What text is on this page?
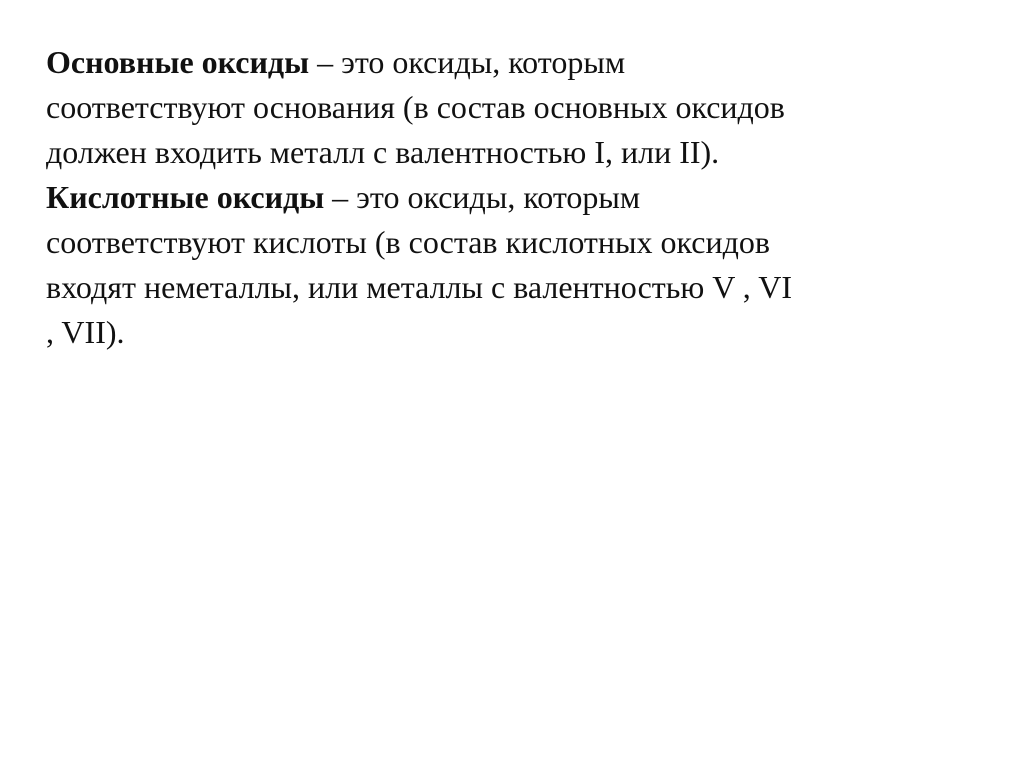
Основные оксиды – это оксиды, которым

соответствуют основания (в состав основных оксидов

должен входить металл с валентностью I, или II).

Кислотные оксиды – это оксиды, которым

соответствуют кислоты (в состав кислотных оксидов

входят неметаллы, или металлы с валентностью V , VI

, VII).
